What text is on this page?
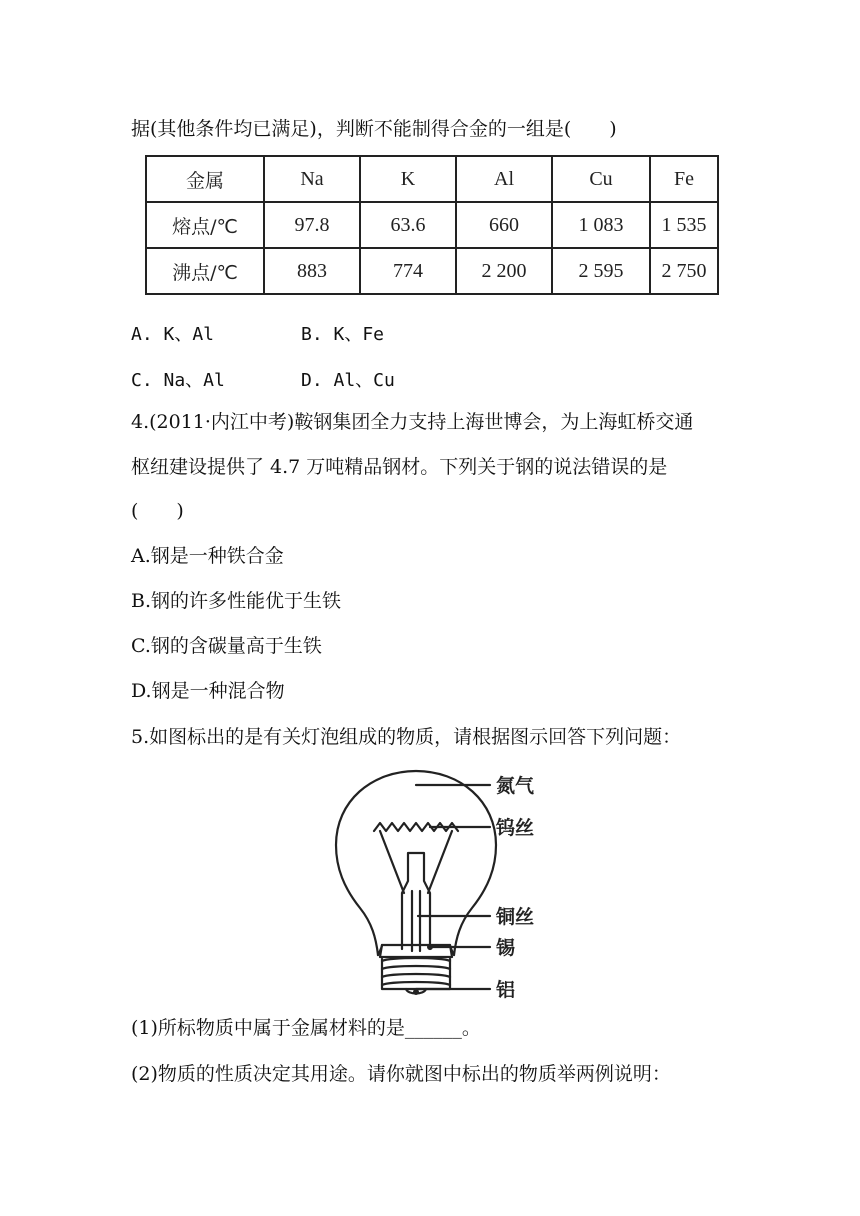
据(其他条件均已满足)，判断不能制得合金的一组是(　　)
金属	Na	K	Al	Cu	Fe
熔点/℃	97.8	63.6	660	1 083	1 535
沸点/℃	883	774	2 200	2 595	2 750
A. K、Al	B. K、Fe
C. Na、Al	D. Al、Cu
4.(2011·内江中考)鞍钢集团全力支持上海世博会，为上海虹桥交通
枢纽建设提供了 4.7 万吨精品钢材。下列关于钢的说法错误的是
(　　)
A.钢是一种铁合金
B.钢的许多性能优于生铁
C.钢的含碳量高于生铁
D.钢是一种混合物
5.如图标出的是有关灯泡组成的物质，请根据图示回答下列问题：
氮气
钨丝
铜丝
锡
铝
(1)所标物质中属于金属材料的是______。
(2)物质的性质决定其用途。请你就图中标出的物质举两例说明：
